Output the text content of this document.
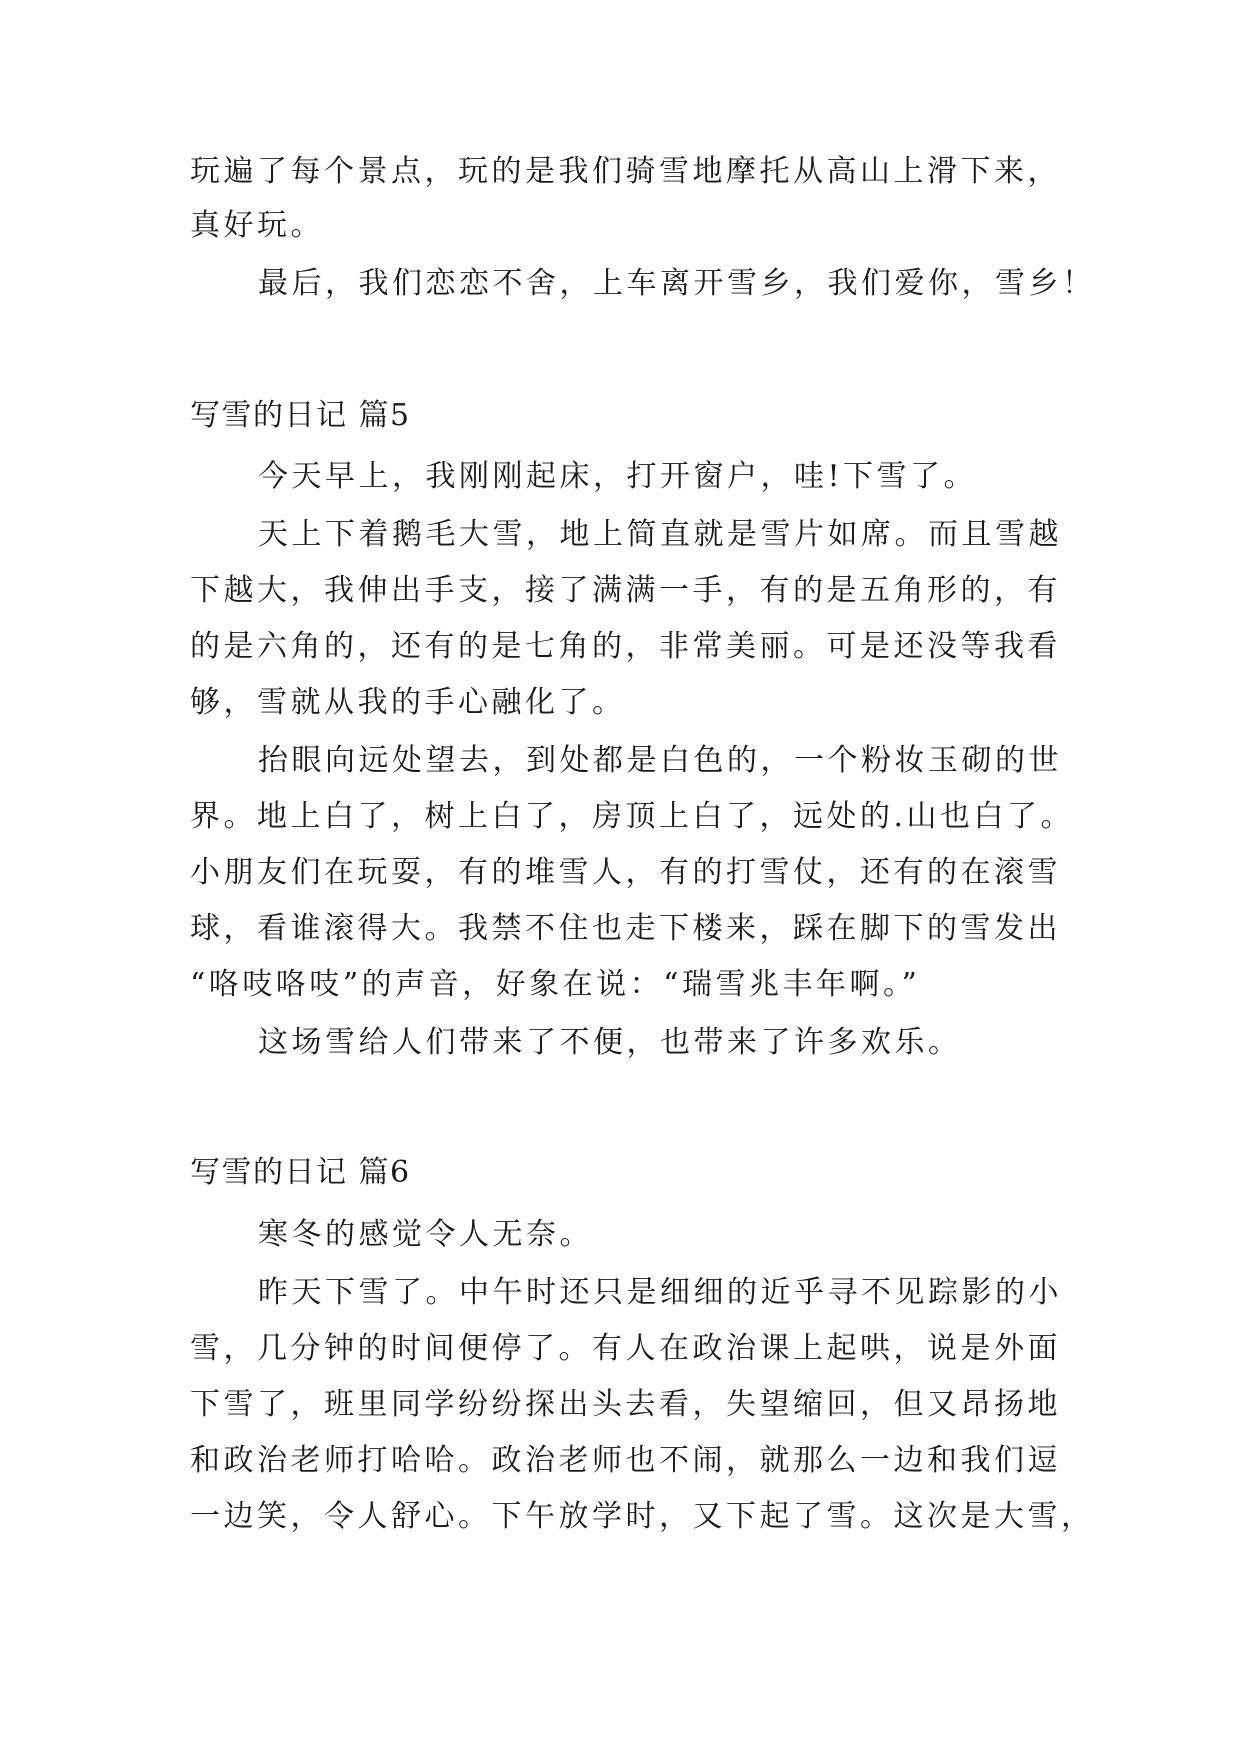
玩遍了每个景点，玩的是我们骑雪地摩托从高山上滑下来，
真好玩。
最后，我们恋恋不舍，上车离开雪乡，我们爱你，雪乡！
写雪的日记 篇5
今天早上，我刚刚起床，打开窗户，哇!下雪了。
天上下着鹅毛大雪，地上简直就是雪片如席。而且雪越
下越大，我伸出手支，接了满满一手，有的是五角形的，有
的是六角的，还有的是七角的，非常美丽。可是还没等我看
够，雪就从我的手心融化了。
抬眼向远处望去，到处都是白色的，一个粉妆玉砌的世
界。地上白了，树上白了，房顶上白了，远处的.山也白了。
小朋友们在玩耍，有的堆雪人，有的打雪仗，还有的在滚雪
球，看谁滚得大。我禁不住也走下楼来，踩在脚下的雪发出
“咯吱咯吱”的声音，好象在说：“瑞雪兆丰年啊。”
这场雪给人们带来了不便，也带来了许多欢乐。
写雪的日记 篇6
寒冬的感觉令人无奈。
昨天下雪了。中午时还只是细细的近乎寻不见踪影的小
雪，几分钟的时间便停了。有人在政治课上起哄，说是外面
下雪了，班里同学纷纷探出头去看，失望缩回，但又昂扬地
和政治老师打哈哈。政治老师也不闹，就那么一边和我们逗
一边笑，令人舒心。下午放学时，又下起了雪。这次是大雪，
